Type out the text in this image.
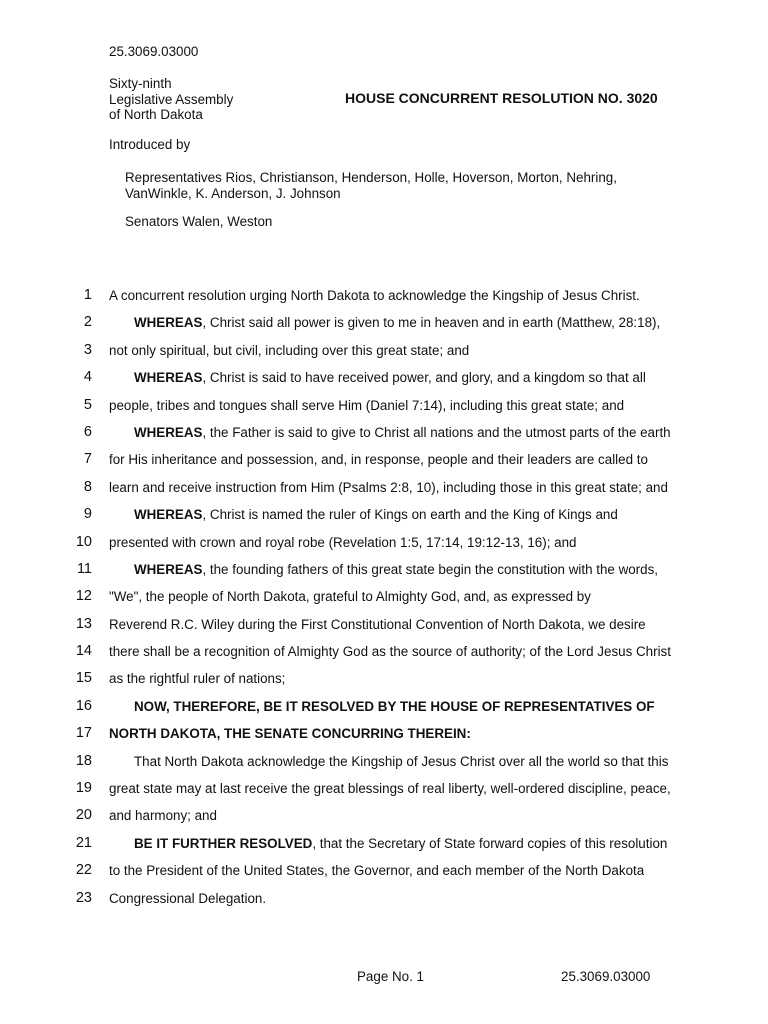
25.3069.03000
Sixty-ninth
Legislative Assembly
of North Dakota
HOUSE CONCURRENT RESOLUTION NO. 3020
Introduced by
Representatives Rios, Christianson, Henderson, Holle, Hoverson, Morton, Nehring,
VanWinkle, K. Anderson, J. Johnson
Senators Walen, Weston
1 A concurrent resolution urging North Dakota to acknowledge the Kingship of Jesus Christ.
2	WHEREAS, Christ said all power is given to me in heaven and in earth (Matthew, 28:18),
3 not only spiritual, but civil, including over this great state; and
4	WHEREAS, Christ is said to have received power, and glory, and a kingdom so that all
5 people, tribes and tongues shall serve Him (Daniel 7:14), including this great state; and
6	WHEREAS, the Father is said to give to Christ all nations and the utmost parts of the earth
7 for His inheritance and possession, and, in response, people and their leaders are called to
8 learn and receive instruction from Him (Psalms 2:8, 10), including those in this great state; and
9	WHEREAS, Christ is named the ruler of Kings on earth and the King of Kings and
10 presented with crown and royal robe (Revelation 1:5, 17:14, 19:12-13, 16); and
11	WHEREAS, the founding fathers of this great state begin the constitution with the words,
12 "We", the people of North Dakota, grateful to Almighty God, and, as expressed by
13 Reverend R.C. Wiley during the First Constitutional Convention of North Dakota, we desire
14 there shall be a recognition of Almighty God as the source of authority; of the Lord Jesus Christ
15 as the rightful ruler of nations;
16	NOW, THEREFORE, BE IT RESOLVED BY THE HOUSE OF REPRESENTATIVES OF
17 NORTH DAKOTA, THE SENATE CONCURRING THEREIN:
18	That North Dakota acknowledge the Kingship of Jesus Christ over all the world so that this
19 great state may at last receive the great blessings of real liberty, well-ordered discipline, peace,
20 and harmony; and
21	BE IT FURTHER RESOLVED, that the Secretary of State forward copies of this resolution
22 to the President of the United States, the Governor, and each member of the North Dakota
23 Congressional Delegation.
Page No. 1	25.3069.03000
